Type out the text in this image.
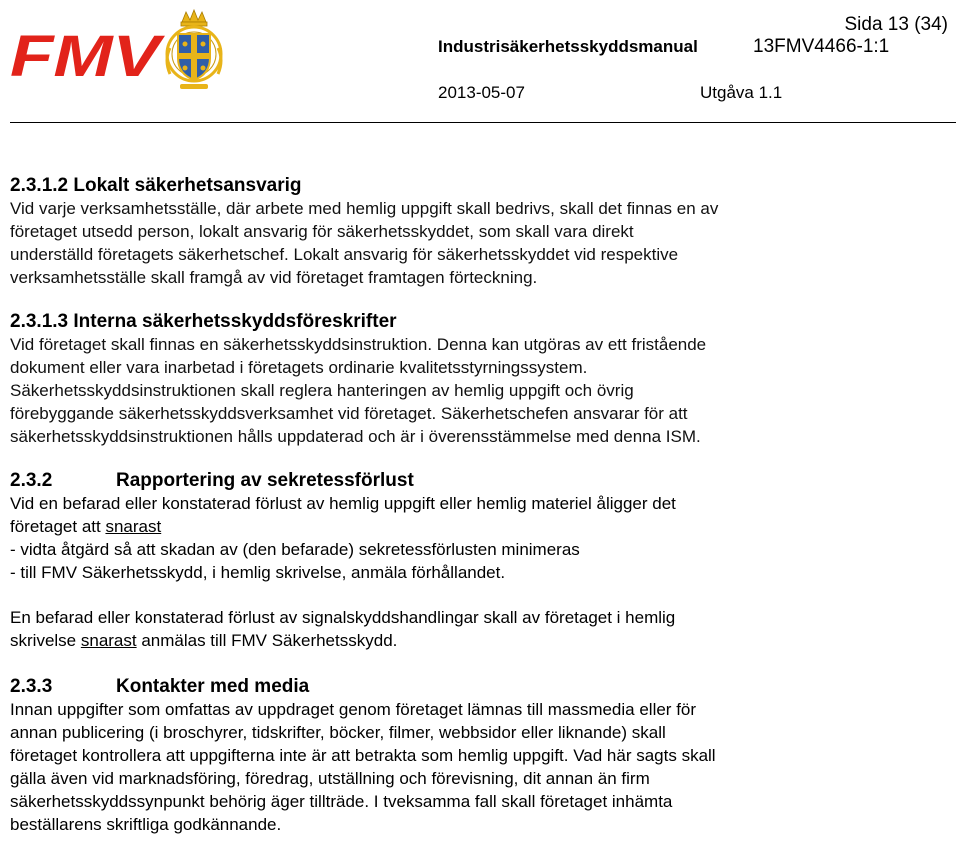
FMV	Sida 13 (34)
Industrisäkerhetsskyddsmanual	13FMV4466-1:1
2013-05-07	Utgåva 1.1
2.3.1.2 Lokalt säkerhetsansvarig

Vid varje verksamhetsställe, där arbete med hemlig uppgift skall bedrivs, skall det finnas en av

företaget utsedd person, lokalt ansvarig för säkerhetsskyddet, som skall vara direkt

underställd företagets säkerhetschef. Lokalt ansvarig för säkerhetsskyddet vid respektive

verksamhetsställe skall framgå av vid företaget framtagen förteckning.

2.3.1.3 Interna säkerhetsskyddsföreskrifter

Vid företaget skall finnas en säkerhetsskyddsinstruktion. Denna kan utgöras av ett fristående

dokument eller vara inarbetad i företagets ordinarie kvalitetsstyrningssystem.

Säkerhetsskyddsinstruktionen skall reglera hanteringen av hemlig uppgift och övrig

förebyggande säkerhetsskyddsverksamhet vid företaget. Säkerhetschefen ansvarar för att

säkerhetsskyddsinstruktionen hålls uppdaterad och är i överensstämmelse med denna ISM.

2.3.2	Rapportering av sekretessförlust

Vid en befarad eller konstaterad förlust av hemlig uppgift eller hemlig materiel åligger det

företaget att snarast

- vidta åtgärd så att skadan av (den befarade) sekretessförlusten minimeras

- till FMV Säkerhetsskydd, i hemlig skrivelse, anmäla förhållandet.

En befarad eller konstaterad förlust av signalskyddshandlingar skall av företaget i hemlig

skrivelse snarast anmälas till FMV Säkerhetsskydd.

2.3.3	Kontakter med media

Innan uppgifter som omfattas av uppdraget genom företaget lämnas till massmedia eller för

annan publicering (i broschyrer, tidskrifter, böcker, filmer, webbsidor eller liknande) skall

företaget kontrollera att uppgifterna inte är att betrakta som hemlig uppgift. Vad här sagts skall

gälla även vid marknadsföring, föredrag, utställning och förevisning, dit annan än firm

säkerhetsskyddssynpunkt behörig äger tillträde. I tveksamma fall skall företaget inhämta

beställarens skriftliga godkännande.
